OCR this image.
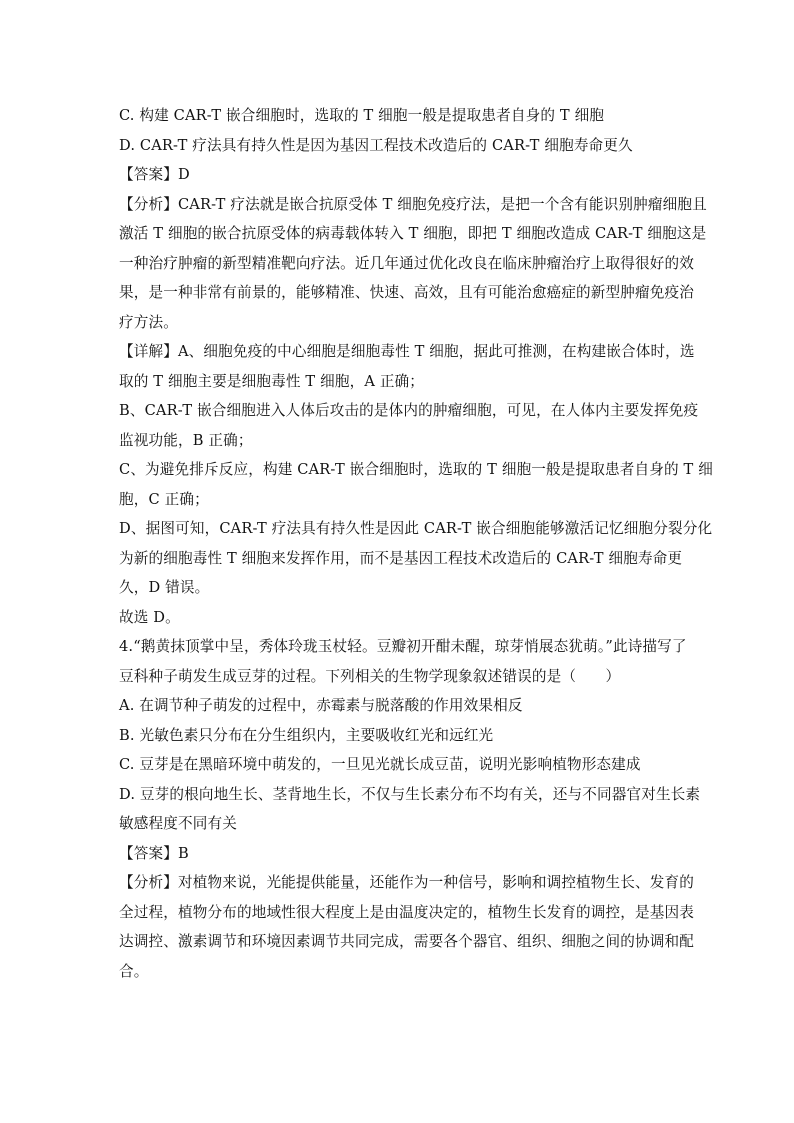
C. 构建 CAR-T 嵌合细胞时，选取的 T 细胞一般是提取患者自身的 T 细胞
D. CAR-T 疗法具有持久性是因为基因工程技术改造后的 CAR-T 细胞寿命更久
【答案】D
【分析】CAR-T 疗法就是嵌合抗原受体 T 细胞免疫疗法，是把一个含有能识别肿瘤细胞且
激活 T 细胞的嵌合抗原受体的病毒载体转入 T 细胞，即把 T 细胞改造成 CAR-T 细胞这是
一种治疗肿瘤的新型精准靶向疗法。近几年通过优化改良在临床肿瘤治疗上取得很好的效
果，是一种非常有前景的，能够精准、快速、高效，且有可能治愈癌症的新型肿瘤免疫治
疗方法。
【详解】A、细胞免疫的中心细胞是细胞毒性 T 细胞，据此可推测，在构建嵌合体时，选
取的 T 细胞主要是细胞毒性 T 细胞，A 正确；
B、CAR-T 嵌合细胞进入人体后攻击的是体内的肿瘤细胞，可见，在人体内主要发挥免疫
监视功能，B 正确；
C、为避免排斥反应，构建 CAR-T 嵌合细胞时，选取的 T 细胞一般是提取患者自身的 T 细
胞，C 正确；
D、据图可知，CAR-T 疗法具有持久性是因此 CAR-T 嵌合细胞能够激活记忆细胞分裂分化
为新的细胞毒性 T 细胞来发挥作用，而不是基因工程技术改造后的 CAR-T 细胞寿命更
久，D 错误。
故选 D。
4.“鹅黄抹顶掌中呈，秀体玲珑玉杖轻。豆瓣初开酣未醒，琼芽悄展态犹萌。”此诗描写了
豆科种子萌发生成豆芽的过程。下列相关的生物学现象叙述错误的是（　　）
A. 在调节种子萌发的过程中，赤霉素与脱落酸的作用效果相反
B. 光敏色素只分布在分生组织内，主要吸收红光和远红光
C. 豆芽是在黑暗环境中萌发的，一旦见光就长成豆苗，说明光影响植物形态建成
D. 豆芽的根向地生长、茎背地生长，不仅与生长素分布不均有关，还与不同器官对生长素
敏感程度不同有关
【答案】B
【分析】对植物来说，光能提供能量，还能作为一种信号，影响和调控植物生长、发育的
全过程，植物分布的地域性很大程度上是由温度决定的，植物生长发育的调控，是基因表
达调控、激素调节和环境因素调节共同完成，需要各个器官、组织、细胞之间的协调和配
合。
